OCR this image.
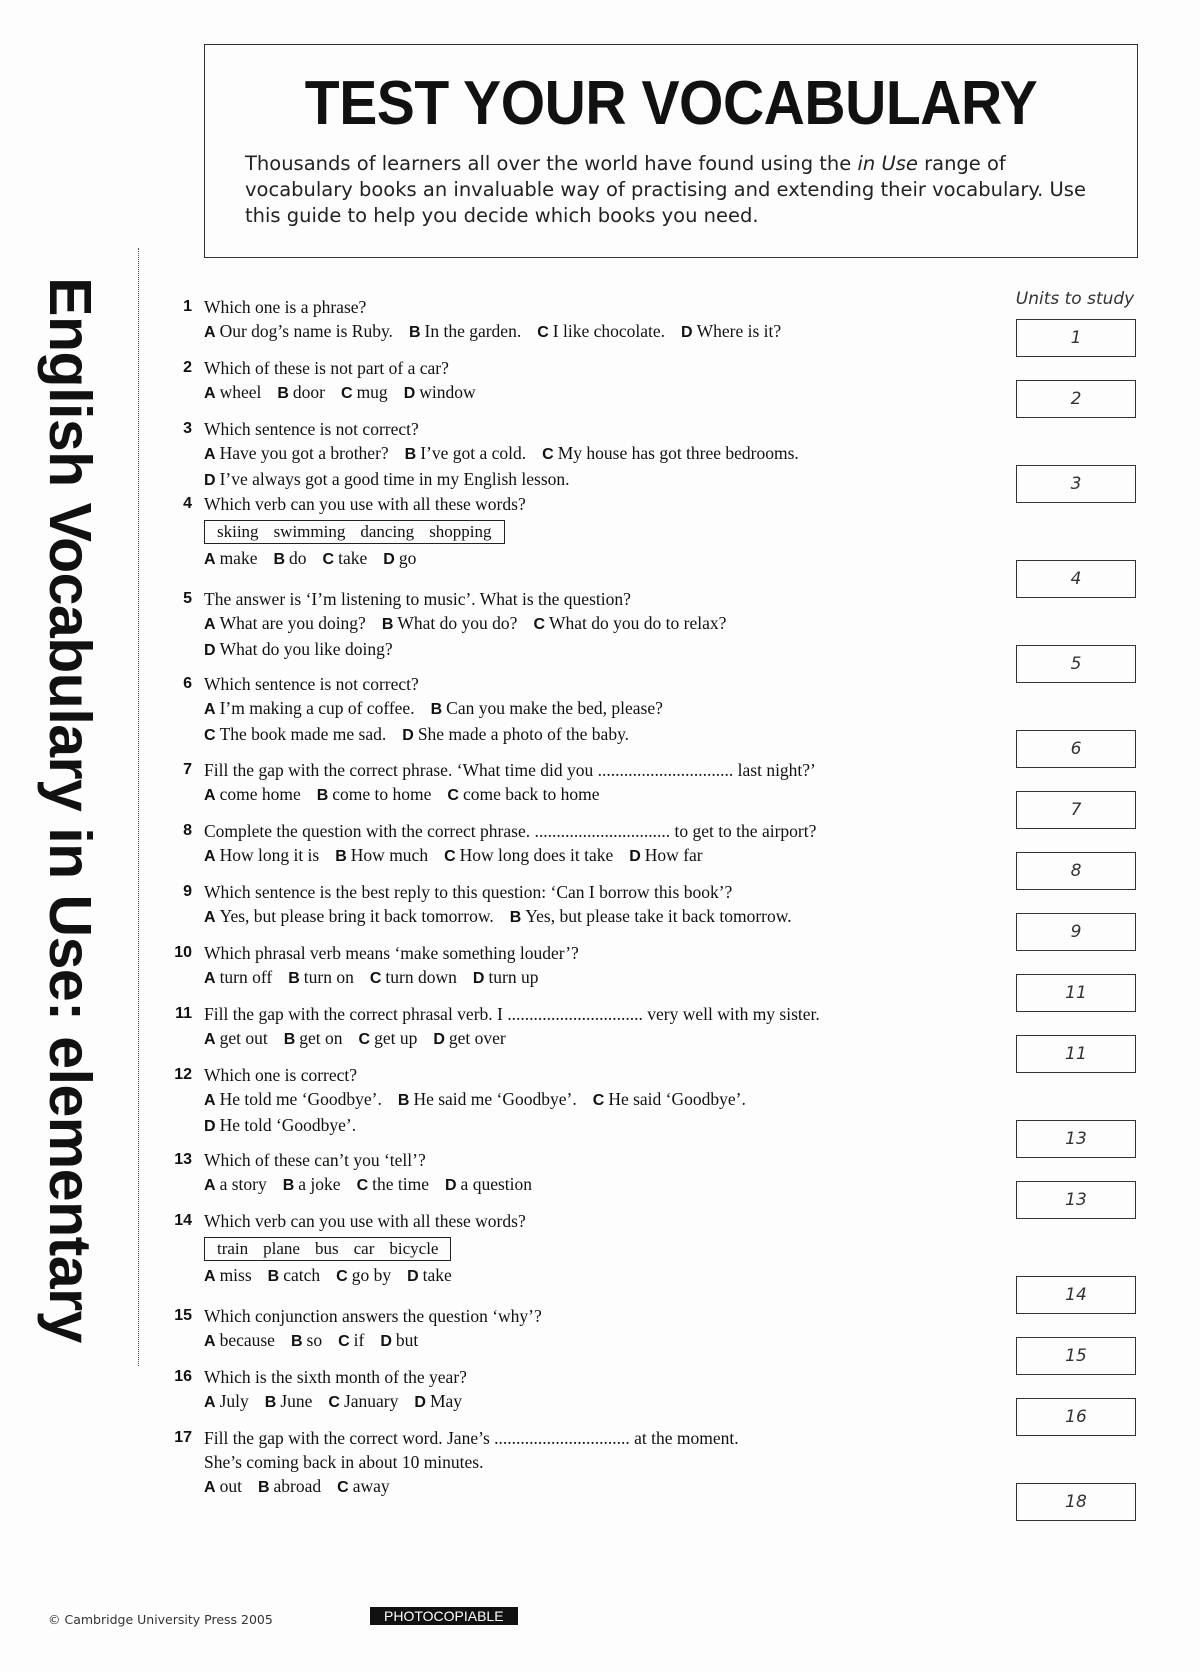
English Vocabulary in Use: elementary
TEST YOUR VOCABULARY
Thousands of learners all over the world have found using the in Use range of vocabulary books an invaluable way of practising and extending their vocabulary. Use this guide to help you decide which books you need.
Units to study
1 Which one is a phrase?
A Our dog’s name is Ruby. B In the garden. C I like chocolate. D Where is it?	1
2 Which of these is not part of a car?
A wheel B door C mug D window	2
3 Which sentence is not correct?
A Have you got a brother? B I’ve got a cold. C My house has got three bedrooms.
D I’ve always got a good time in my English lesson.	3
4 Which verb can you use with all these words?
skiing swimming dancing shopping
A make B do C take D go
4
5 The answer is ‘I’m listening to music’. What is the question?
A What are you doing? B What do you do? C What do you do to relax?
D What do you like doing?
5
6 Which sentence is not correct?
A I’m making a cup of coffee. B Can you make the bed, please?
C The book made me sad. D She made a photo of the baby.
6
7 Fill the gap with the correct phrase. ‘What time did you ............................... last night?’
A come home B come to home C come back to home
7
8 Complete the question with the correct phrase. ............................... to get to the airport?
A How long it is B How much C How long does it take D How far
8
9 Which sentence is the best reply to this question: ‘Can I borrow this book’?
A Yes, but please bring it back tomorrow. B Yes, but please take it back tomorrow.
9
10 Which phrasal verb means ‘make something louder’?
A turn off B turn on C turn down D turn up
11
11 Fill the gap with the correct phrasal verb. I ............................... very well with my sister.
A get out B get on C get up D get over
11
12 Which one is correct?
A He told me ‘Goodbye’. B He said me ‘Goodbye’. C He said ‘Goodbye’.
D He told ‘Goodbye’.
13
13 Which of these can’t you ‘tell’?
A a story B a joke C the time D a question
13
14 Which verb can you use with all these words?
train plane bus car bicycle
A miss B catch C go by D take
14
15 Which conjunction answers the question ‘why’?
A because B so C if D but
15
16 Which is the sixth month of the year?
A July B June C January D May
16
17 Fill the gap with the correct word. Jane’s ............................... at the moment.
She’s coming back in about 10 minutes.
A out B abroad C away
18
© Cambridge University Press 2005	PHOTOCOPIABLE
